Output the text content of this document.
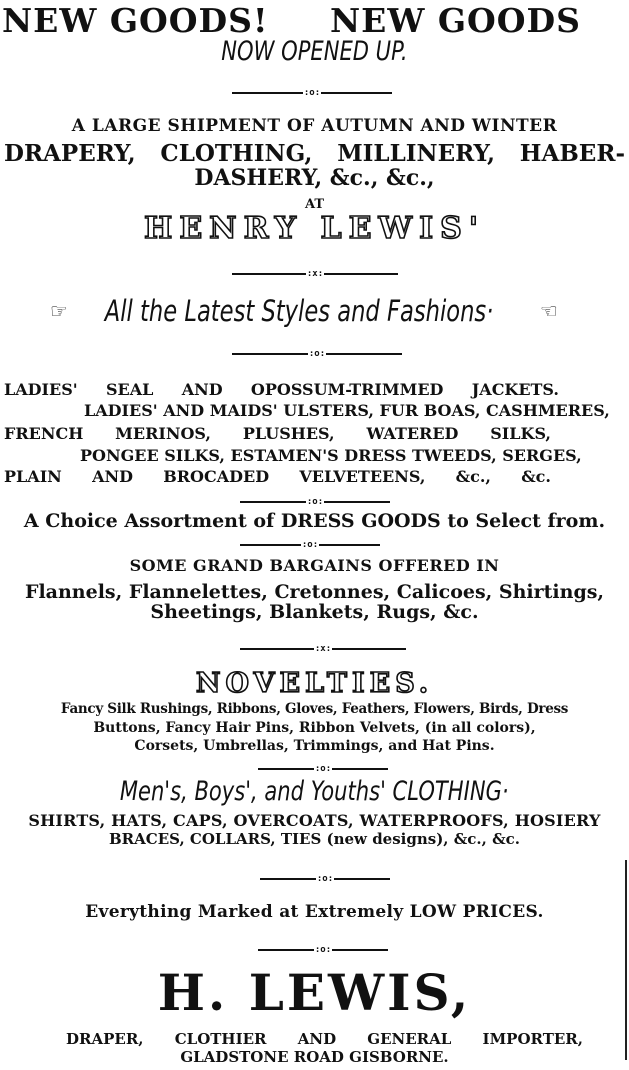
NEW GOODS! NEW GOODS
NOW OPENED UP.
:o:
A LARGE SHIPMENT OF AUTUMN AND WINTER
DRAPERY, CLOTHING, MILLINERY, HABER-
DASHERY, &c., &c.,
AT
HENRY LEWIS'
:x:
☞ All the Latest Styles and Fashions· ☜
:o:
LADIES' SEAL AND OPOSSUM-TRIMMED JACKETS.
LADIES' AND MAIDS' ULSTERS, FUR BOAS, CASHMERES,
FRENCH MERINOS, PLUSHES, WATERED SILKS,
PONGEE SILKS, ESTAMEN'S DRESS TWEEDS, SERGES,
PLAIN AND BROCADED VELVETEENS, &c., &c.
:o:
A Choice Assortment of DRESS GOODS to Select from.
:o:
SOME GRAND BARGAINS OFFERED IN
Flannels, Flannelettes, Cretonnes, Calicoes, Shirtings,
Sheetings, Blankets, Rugs, &c.
:x:
NOVELTIES.
Fancy Silk Rushings, Ribbons, Gloves, Feathers, Flowers, Birds, Dress
Buttons, Fancy Hair Pins, Ribbon Velvets, (in all colors),
Corsets, Umbrellas, Trimmings, and Hat Pins.
:o:
Men's, Boys', and Youths' CLOTHING·
SHIRTS, HATS, CAPS, OVERCOATS, WATERPROOFS, HOSIERY
BRACES, COLLARS, TIES (new designs), &c., &c.
:o:
Everything Marked at Extremely LOW PRICES.
:o:
H. LEWIS,
DRAPER, CLOTHIER AND GENERAL IMPORTER,
GLADSTONE ROAD GISBORNE.
